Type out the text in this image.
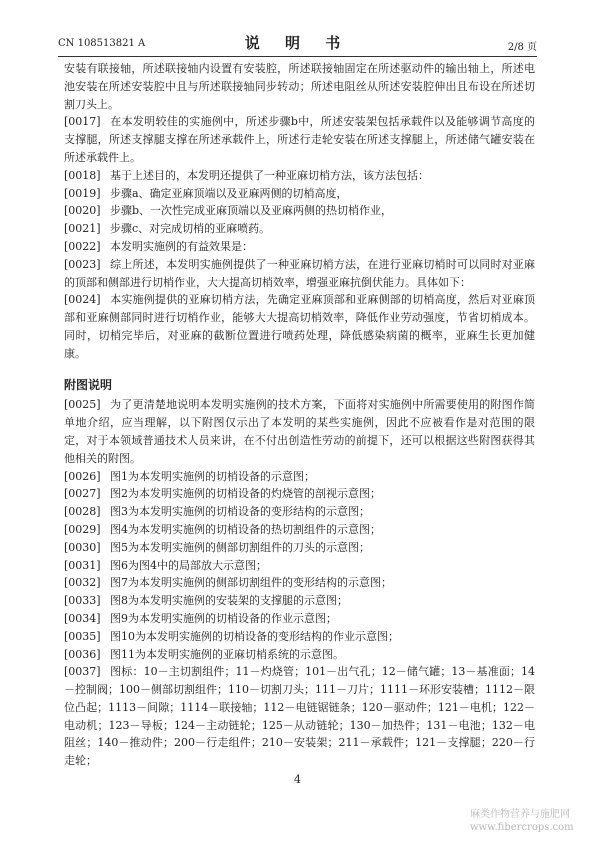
CN 108513821 A	说 明 书	2/8 页

安装有联接轴，所述联接轴内设置有安装腔，所述联接轴固定在所述驱动件的输出轴上，所述电池安装在所述安装腔中且与所述联接轴同步转动；所述电阻丝从所述安装腔伸出且布设在所述切割刀头上。

[0017] 在本发明较佳的实施例中，所述步骤b中，所述安装架包括承载件以及能够调节高度的支撑腿，所述支撑腿支撑在所述承载件上，所述行走轮安装在所述支撑腿上，所述储气罐安装在所述承载件上。

[0018] 基于上述目的，本发明还提供了一种亚麻切梢方法，该方法包括：

[0019] 步骤a、确定亚麻顶端以及亚麻两侧的切梢高度，

[0020] 步骤b、一次性完成亚麻顶端以及亚麻两侧的热切梢作业，

[0021] 步骤c、对完成切梢的亚麻喷药。

[0022] 本发明实施例的有益效果是：

[0023] 综上所述，本发明实施例提供了一种亚麻切梢方法，在进行亚麻切梢时可以同时对亚麻的顶部和侧部进行切梢作业，大大提高切梢效率，增强亚麻抗倒伏能力。具体如下：

[0024] 本实施例提供的亚麻切梢方法，先确定亚麻顶部和亚麻侧部的切梢高度，然后对亚麻顶部和亚麻侧部同时进行切梢作业，能够大大提高切梢效率，降低作业劳动强度，节省切梢成本。同时，切梢完毕后，对亚麻的截断位置进行喷药处理，降低感染病菌的概率，亚麻生长更加健康。

附图说明

[0025] 为了更清楚地说明本发明实施例的技术方案，下面将对实施例中所需要使用的附图作简单地介绍，应当理解，以下附图仅示出了本发明的某些实施例，因此不应被看作是对范围的限定，对于本领域普通技术人员来讲，在不付出创造性劳动的前提下，还可以根据这些附图获得其他相关的附图。

[0026] 图1为本发明实施例的切梢设备的示意图；

[0027] 图2为本发明实施例的切梢设备的灼烧管的剖视示意图；

[0028] 图3为本发明实施例的切梢设备的变形结构的示意图；

[0029] 图4为本发明实施例的切梢设备的热切割组件的示意图；

[0030] 图5为本发明实施例的侧部切割组件的刀头的示意图；

[0031] 图6为图4中的局部放大示意图；

[0032] 图7为本发明实施例的侧部切割组件的变形结构的示意图；

[0033] 图8为本发明实施例的安装架的支撑腿的示意图；

[0034] 图9为本发明实施例的切梢设备的作业示意图；

[0035] 图10为本发明实施例的切梢设备的变形结构的作业示意图；

[0036] 图11为本发明实施例的亚麻切梢系统的示意图。

[0037] 图标：10－主切割组件；11－灼烧管；101－出气孔；12－储气罐；13－基准面；14－控制阀；100－侧部切割组件；110－切割刀头；111－刀片；1111－环形安装槽；1112－限位凸起；1113－间隙；1114－联接轴；112－电链锯链条；120－驱动件；121－电机；122－电动机；123－导板；124－主动链轮；125－从动链轮；130－加热件；131－电池；132－电阻丝；140－推动件；200－行走组件；210－安装架；211－承载件；121－支撑腿；220－行走轮；

4
麻类作物营养与施肥网
www.fibercrops.com
